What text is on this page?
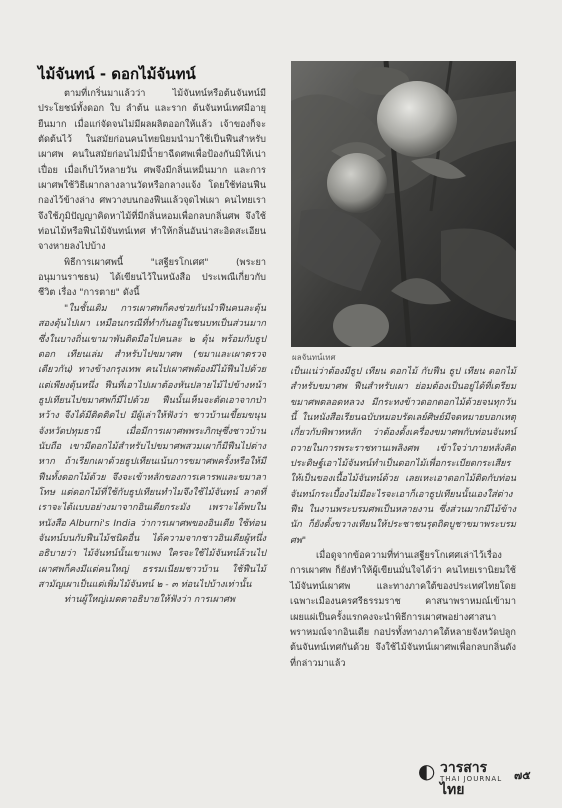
ไม้จันทน์ - ดอกไม้จันทน์

ตามที่เกริ่นมาแล้วว่า ไม้จันทน์หรือต้นจันทน์มีประโยชน์ทั้งดอก ใบ ลำต้น และราก ต้นจันทน์เทศมีอายุยืนมาก เมื่อแก่จัดจนไม่มีผลผลิตออกให้แล้ว เจ้าของก็จะตัดต้นไว้ ในสมัยก่อนคนไทยนิยมนำมาใช้เป็นฟืนสำหรับเผาศพ คนในสมัยก่อนไม่มีน้ำยาฉีดศพเพื่อป้องกันมิให้เน่าเปื่อย เมื่อเก็บไว้หลายวัน ศพจึงมีกลิ่นเหม็นมาก และการเผาศพใช้วิธีเผากลางลานวัดหรือกลางแจ้ง โดยใช้ท่อนฟืนกองไว้ข้างล่าง ศพวางบนกองฟืนแล้วจุดไฟเผา คนไทยเราจึงใช้ภูมิปัญญาคิดหาไม้ที่มีกลิ่นหอมเพื่อกลบกลิ่นศพ จึงใช้ท่อนไม้หรือฟืนไม้จันทน์เทศ ทำให้กลิ่นอันน่าสะอิดสะเอียนจางหายลงไปบ้าง

พิธีการเผาศพนี้ "เสฐียรโกเศศ" (พระยาอนุมานราชธน) ได้เขียนไว้ในหนังสือ ประเพณีเกี่ยวกับชีวิต เรื่อง "การตาย" ดังนี้

"ในชั้นเดิม การเผาศพก็คงช่วยกันนำฟืนคนละดุ้นสองดุ้นไปเผา เหมือนกรณีที่ทำกันอยู่ในชนบทเป็นส่วนมาก ซึ่งในบางถิ่นเขามาพันติดมือไปคนละ ๒ ดุ้น พร้อมกับธูปดอก เทียนเล่ม สำหรับไปขมาศพ (ขมาและเผาตรวจเดียวกัน) ทางข้างกรุงเทพ คนไปเผาศพต้องมีไม้ฟืนไปด้วยแต่เพียงดุ้นหนึ่ง ฟืนที่เอาไปเผาต้องหันปลายไม้ไปข้างหน้า ธูปเทียนไปขมาศพก็มีไปด้วย ฟืนนั้นเห็นจะตัดเอาจากป่าหว้าง จึงได้มีติดติดไป มีผู้เล่าให้ฟังว่า ชาวบ้านเขี้ยมขนุน จังหวัดปทุมธานี เมื่อมีการเผาศพพระภิกษุซึ่งชาวบ้านนับถือ เขามีดอกไม้สำหรับไปขมาศพสวมเผาก็มีฟืนไปต่างหาก ถ้าเรียกเผาด้วยธูปเทียนเน้นการขมาศพครั้งหรือให้มีฟืนทั้งดอกไม้ด้วย จึงจะเข้าหลักของการเคารพและขมาลาโทษ แต่ดอกไม้ที่ใช้กับธูปเทียนทำไมจึงใช้ไม้จันทน์ ลาดที่เราจะได้แบบอย่างมาจากอินเดียกระมัง เพราะได้พบในหนังสือ Alburni's India ว่าการเผาศพของอินเดีย ใช้ท่อนจันทน์บนกับฟืนไม้ชนิดอื่น ได้ความจากชาวอินเดียผู้หนึ่งอธิบายว่า ไม้จันทน์นั้นเขาแพง ใครจะใช้ไม้จันทน์ล้วนไปเผาศพก็คงมีแต่คนใหญ่ ธรรมเนียมชาวบ้าน ใช้ฟืนไม้สามัญเผาเป็นแต่เพิ่มไม้จันทน์ ๒ - ๓ ท่อนไปบ้างเท่านั้น

ท่านผู้ใหญ่เมตตาอธิบายให้ฟังว่า การเผาศพ

ผลจันทน์เทศ

เป็นแน่ว่าต้องมีธูป เทียน ดอกไม้ กับฟืน ธูป เทียน ดอกไม้ สำหรับขมาศพ ฟืนสำหรับเผา ย่อมต้องเป็นอยู่ได้ที่เตรียมขมาศพตลอดหลวง มีกระทงข้าวดอกดอกไม้ด้วยจนทุกวันนี้ ในหนังสือเรียนฉบับหมอบรัดเลย์ศิษย์มีจดหมายบอกเหตุเกี่ยวกับพิพาทหลัก ว่าต้องตั้งเครื่องขมาศพกับท่อนจันทน์ถวายในการพระราชทานเพลิงศพ เข้าใจว่าภายหลังคิดประดิษฐ์เอาไม้จันทน์ทำเป็นดอกไม้เพื่อกระเบียดกระเสียรให้เป็นของเนื้อไม้จันทน์ด้วย เลยเหะเอาดอกไม้ติดกับท่อนจันทน์กระเบื้องไม่มีอะไรจะเอาก็เอาธูปเทียนนั้นเองใส่ต่างฟืน ในงานพระบรมศพเป็นหลายงาน ซึ่งส่วนมากมีไม้ข้างนัก ก็ยังตั้งขวางเทียนให้ประชาชนรุดถิตบูชาขมาพระบรมศพ"

เมื่อดูจากข้อความที่ท่านเสฐียรโกเศศเล่าไว้เรื่องการเผาศพ ก็ยังทำให้ผู้เขียนมั่นใจได้ว่า คนไทยเรานิยมใช้ไม้จันทน์เผาศพ และทางภาคใต้ของประเทศไทยโดยเฉพาะเมืองนครศรีธรรมราช คาสนาพราหมณ์เข้ามาเผยแผ่เป็นครั้งแรกคงจะนำพิธีการเผาศพอย่างศาสนาพราหมณ์จากอินเดีย กอปรทั้งทางภาคใต้หลายจังหวัดปลูกต้นจันทน์เทศกันด้วย จึงใช้ไม้จันทน์เผาศพเพื่อกลบกลิ่นดังที่กล่าวมาแล้ว

◐ วารสารไทย
THAI JOURNAL ๗๕
